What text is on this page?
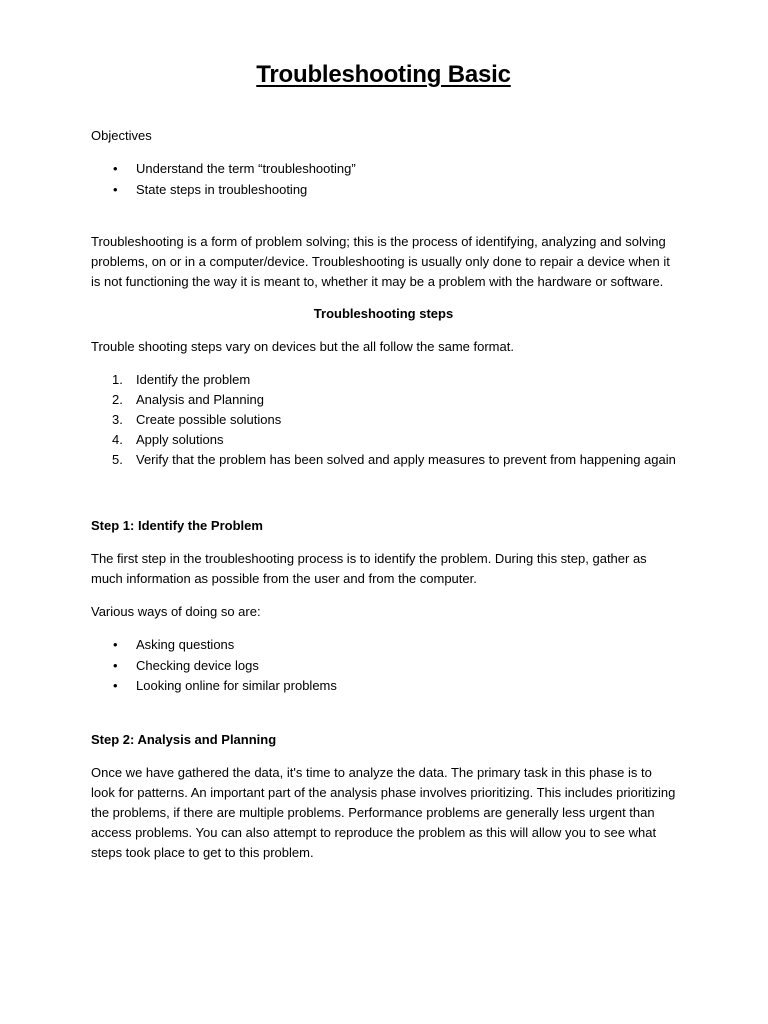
Troubleshooting Basic

Objectives

• Understand the term “troubleshooting”
• State steps in troubleshooting

Troubleshooting is a form of problem solving; this is the process of identifying, analyzing and solving problems, on or in a computer/device. Troubleshooting is usually only done to repair a device when it is not functioning the way it is meant to, whether it may be a problem with the hardware or software.

Troubleshooting steps

Trouble shooting steps vary on devices but the all follow the same format.

1. Identify the problem
2. Analysis and Planning
3. Create possible solutions
4. Apply solutions
5. Verify that the problem has been solved and apply measures to prevent from happening again

Step 1: Identify the Problem

The first step in the troubleshooting process is to identify the problem. During this step, gather as much information as possible from the user and from the computer.

Various ways of doing so are:

• Asking questions
• Checking device logs
• Looking online for similar problems

Step 2: Analysis and Planning

Once we have gathered the data, it's time to analyze the data. The primary task in this phase is to look for patterns. An important part of the analysis phase involves prioritizing. This includes prioritizing the problems, if there are multiple problems. Performance problems are generally less urgent than access problems. You can also attempt to reproduce the problem as this will allow you to see what steps took place to get to this problem.
